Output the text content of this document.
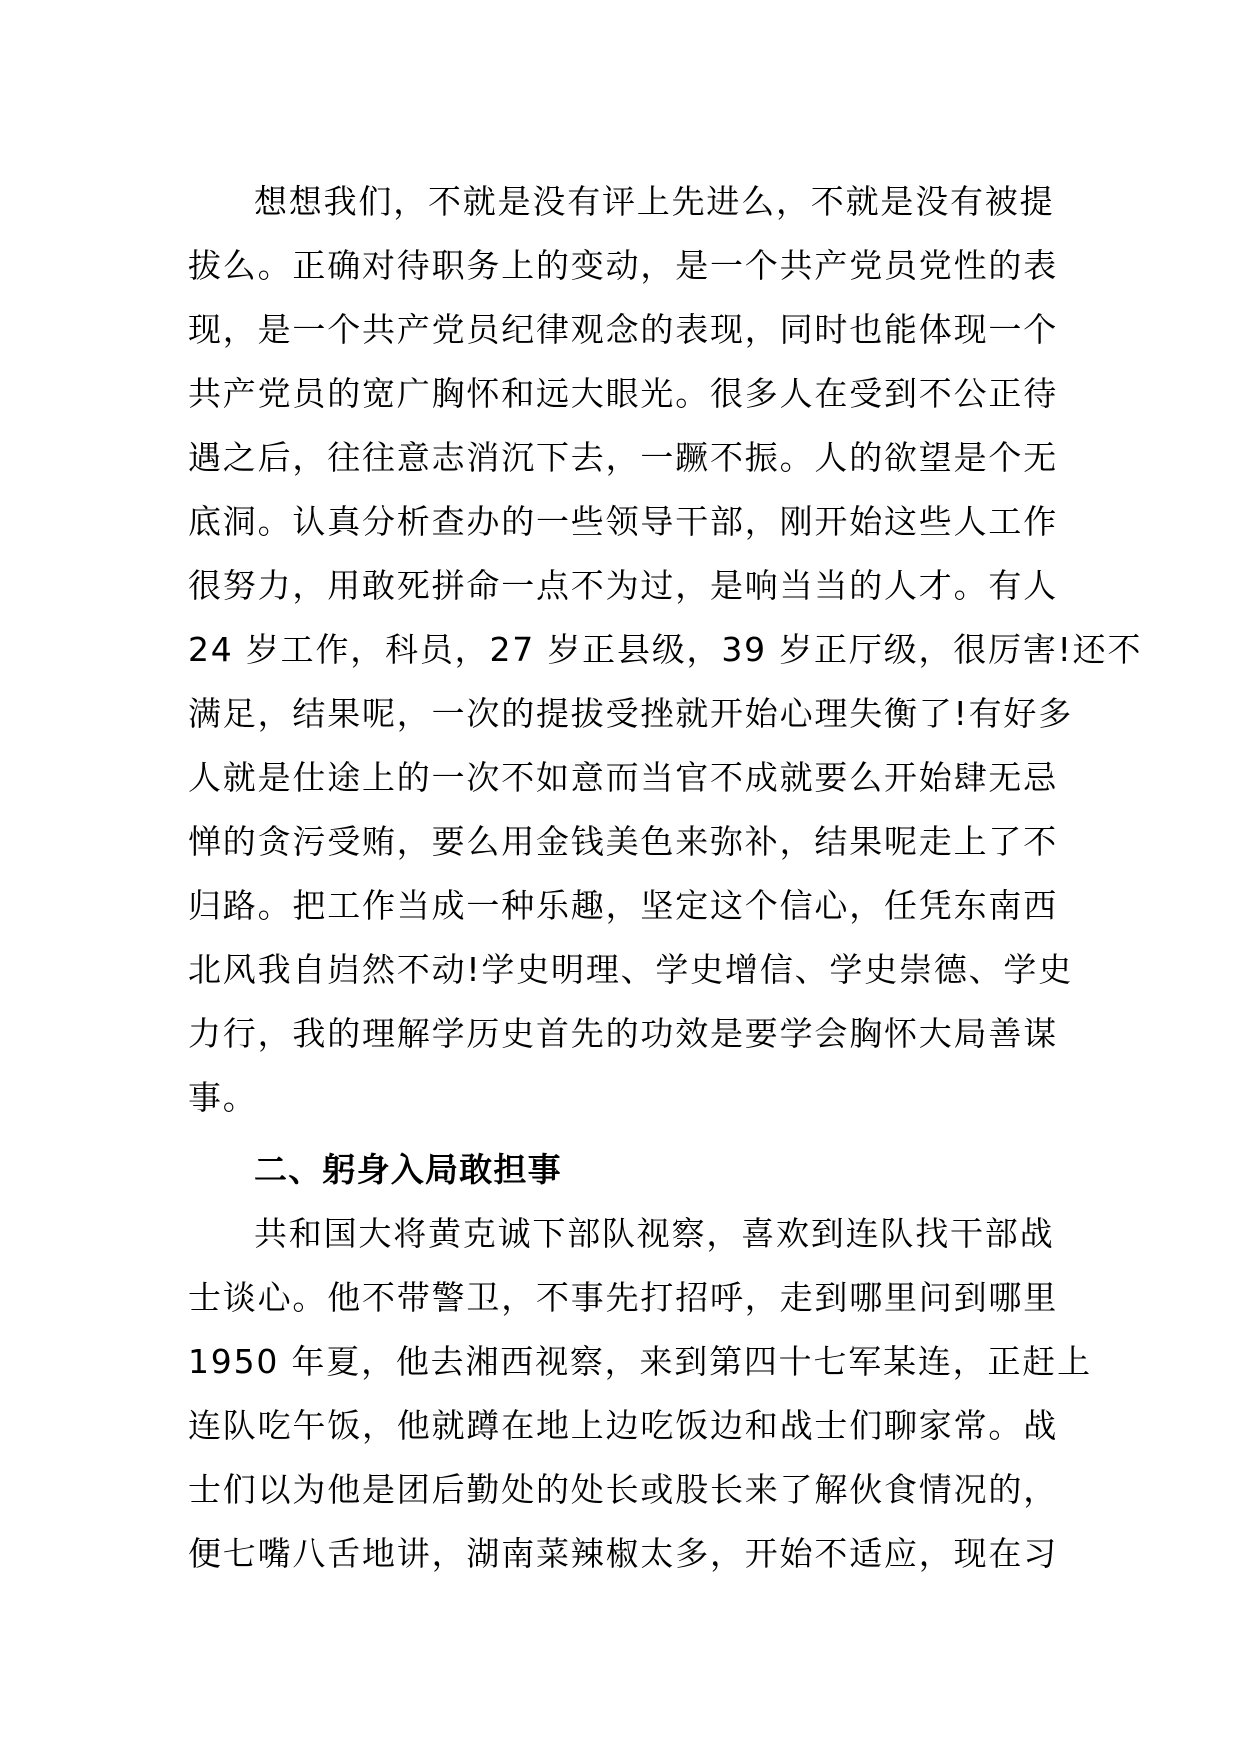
想想我们，不就是没有评上先进么，不就是没有被提
拔么。正确对待职务上的变动，是一个共产党员党性的表
现，是一个共产党员纪律观念的表现，同时也能体现一个
共产党员的宽广胸怀和远大眼光。很多人在受到不公正待
遇之后，往往意志消沉下去，一蹶不振。人的欲望是个无
底洞。认真分析查办的一些领导干部，刚开始这些人工作
很努力，用敢死拼命一点不为过，是响当当的人才。有人
24 岁工作，科员，27 岁正县级，39 岁正厅级，很厉害!还不
满足，结果呢，一次的提拔受挫就开始心理失衡了!有好多
人就是仕途上的一次不如意而当官不成就要么开始肆无忌
惮的贪污受贿，要么用金钱美色来弥补，结果呢走上了不
归路。把工作当成一种乐趣，坚定这个信心，任凭东南西
北风我自岿然不动!学史明理、学史增信、学史崇德、学史
力行，我的理解学历史首先的功效是要学会胸怀大局善谋
事。
二、躬身入局敢担事
共和国大将黄克诚下部队视察，喜欢到连队找干部战
士谈心。他不带警卫，不事先打招呼，走到哪里问到哪里
1950 年夏，他去湘西视察，来到第四十七军某连，正赶上
连队吃午饭，他就蹲在地上边吃饭边和战士们聊家常。战
士们以为他是团后勤处的处长或股长来了解伙食情况的，
便七嘴八舌地讲，湖南菜辣椒太多，开始不适应，现在习
